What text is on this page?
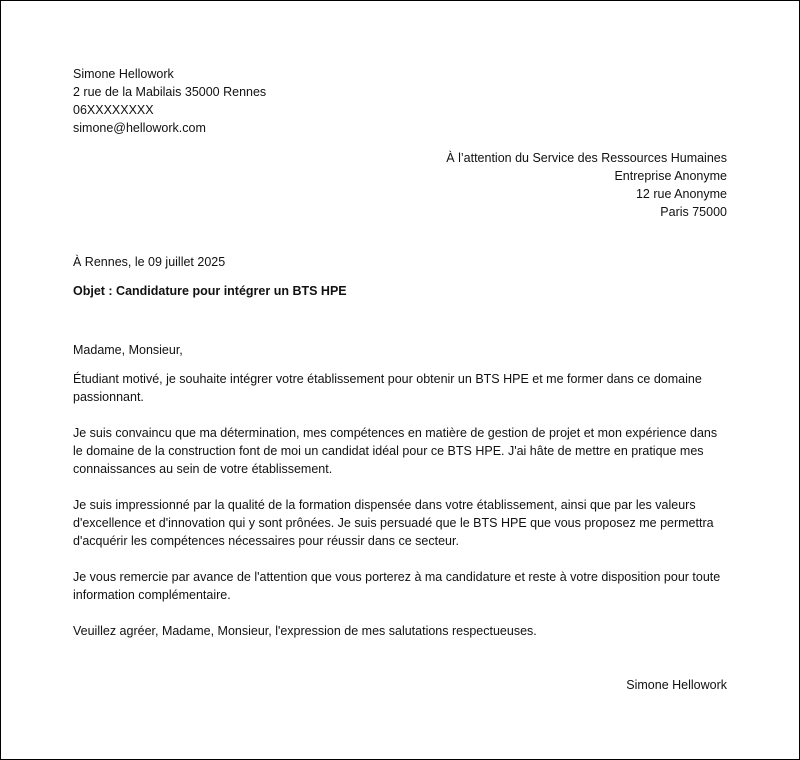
Simone Hellowork
2 rue de la Mabilais 35000 Rennes
06XXXXXXXX
simone@hellowork.com
À l’attention du Service des Ressources Humaines
Entreprise Anonyme
12 rue Anonyme
Paris 75000
À Rennes, le 09 juillet 2025
Objet : Candidature pour intégrer un BTS HPE
Madame, Monsieur,

Étudiant motivé, je souhaite intégrer votre établissement pour obtenir un BTS HPE et me former dans ce domaine passionnant.

Je suis convaincu que ma détermination, mes compétences en matière de gestion de projet et mon expérience dans le domaine de la construction font de moi un candidat idéal pour ce BTS HPE. J'ai hâte de mettre en pratique mes connaissances au sein de votre établissement.

Je suis impressionné par la qualité de la formation dispensée dans votre établissement, ainsi que par les valeurs d'excellence et d'innovation qui y sont prônées. Je suis persuadé que le BTS HPE que vous proposez me permettra d'acquérir les compétences nécessaires pour réussir dans ce secteur.

Je vous remercie par avance de l'attention que vous porterez à ma candidature et reste à votre disposition pour toute information complémentaire.

Veuillez agréer, Madame, Monsieur, l'expression de mes salutations respectueuses.

Simone Hellowork
